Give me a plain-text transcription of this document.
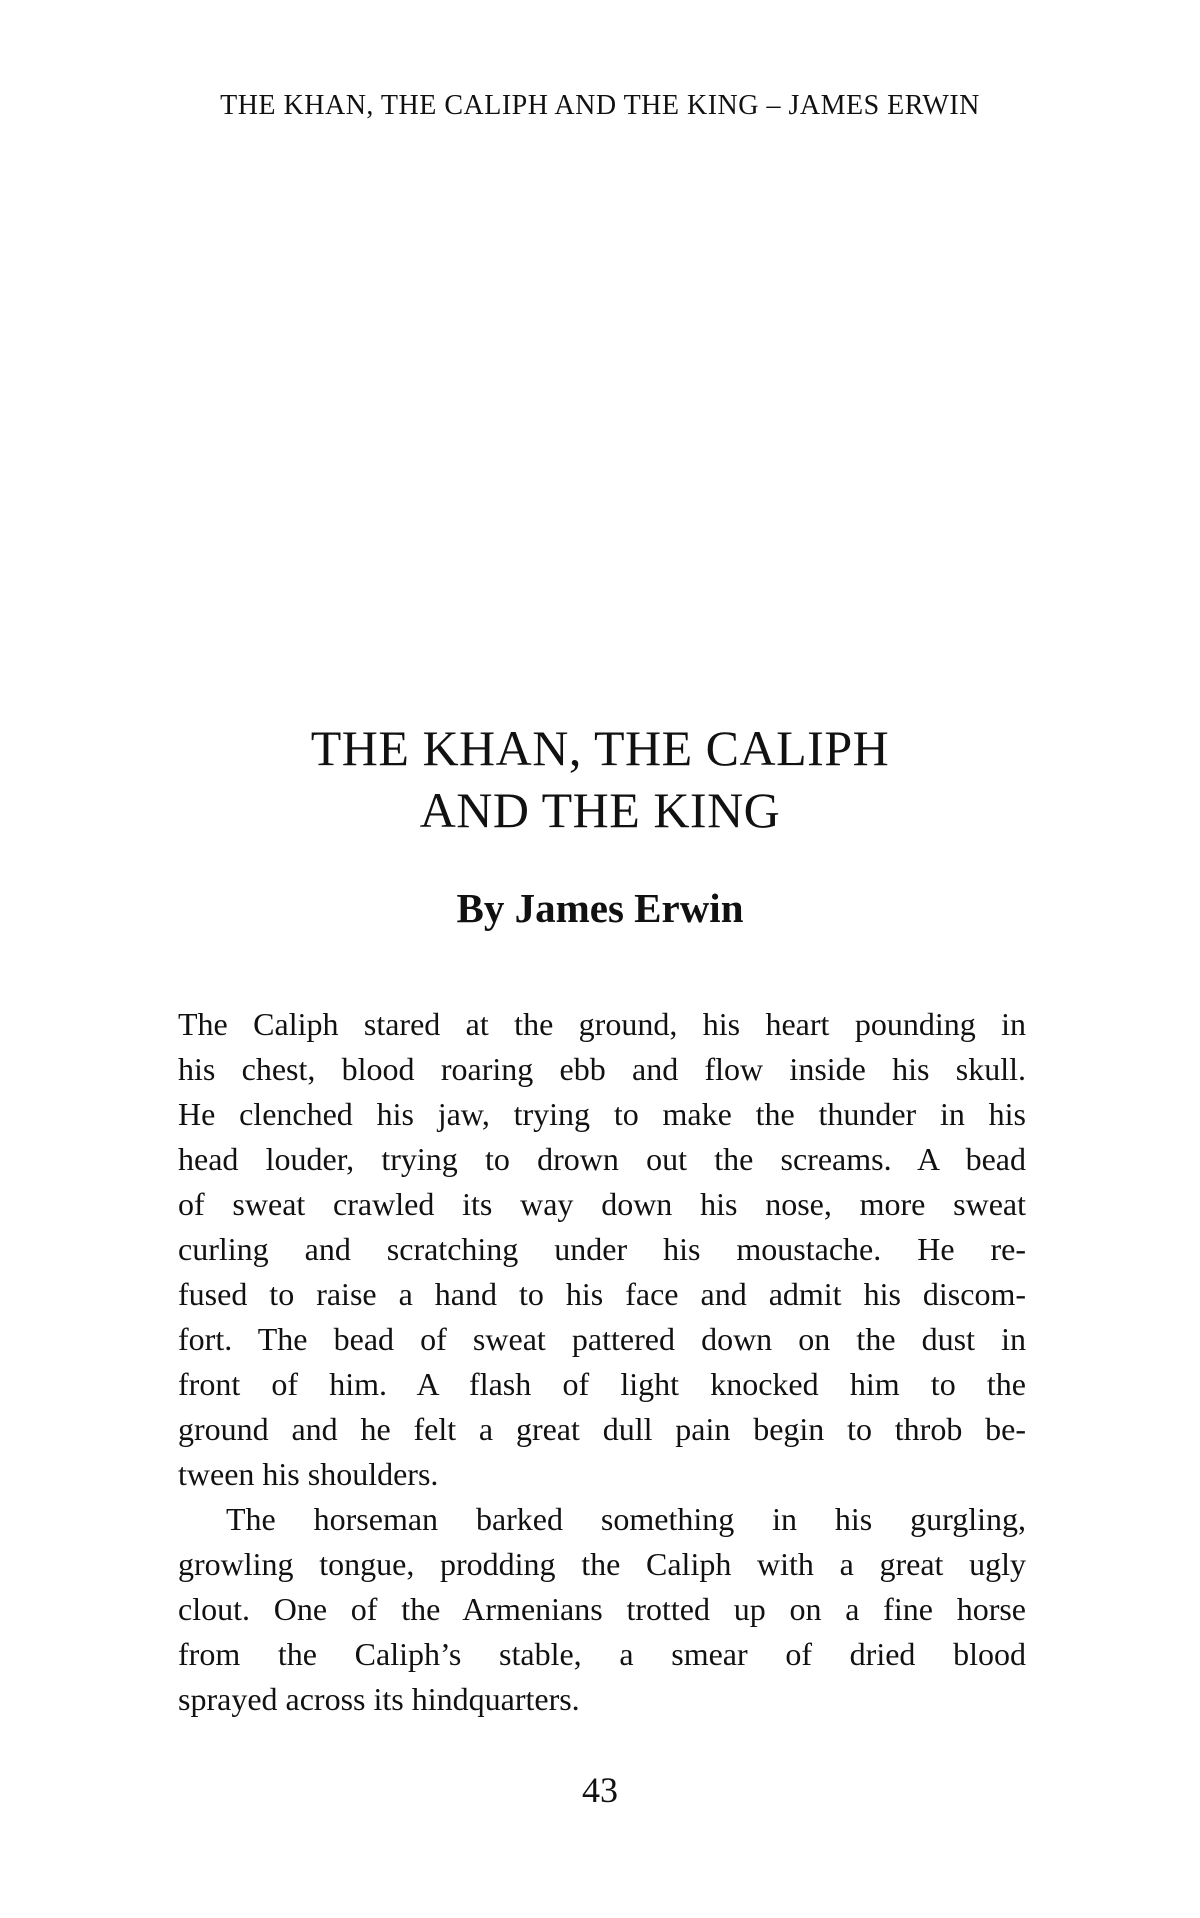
THE KHAN, THE CALIPH AND THE KING – JAMES ERWIN
THE KHAN, THE CALIPH
AND THE KING
By James Erwin
The Caliph stared at the ground, his heart pounding in
his chest, blood roaring ebb and flow inside his skull.
He clenched his jaw, trying to make the thunder in his
head louder, trying to drown out the screams. A bead
of sweat crawled its way down his nose, more sweat
curling and scratching under his moustache. He re-
fused to raise a hand to his face and admit his discom-
fort. The bead of sweat pattered down on the dust in
front of him. A flash of light knocked him to the
ground and he felt a great dull pain begin to throb be-
tween his shoulders.
The horseman barked something in his gurgling,
growling tongue, prodding the Caliph with a great ugly
clout. One of the Armenians trotted up on a fine horse
from the Caliph’s stable, a smear of dried blood
sprayed across its hindquarters.
43
